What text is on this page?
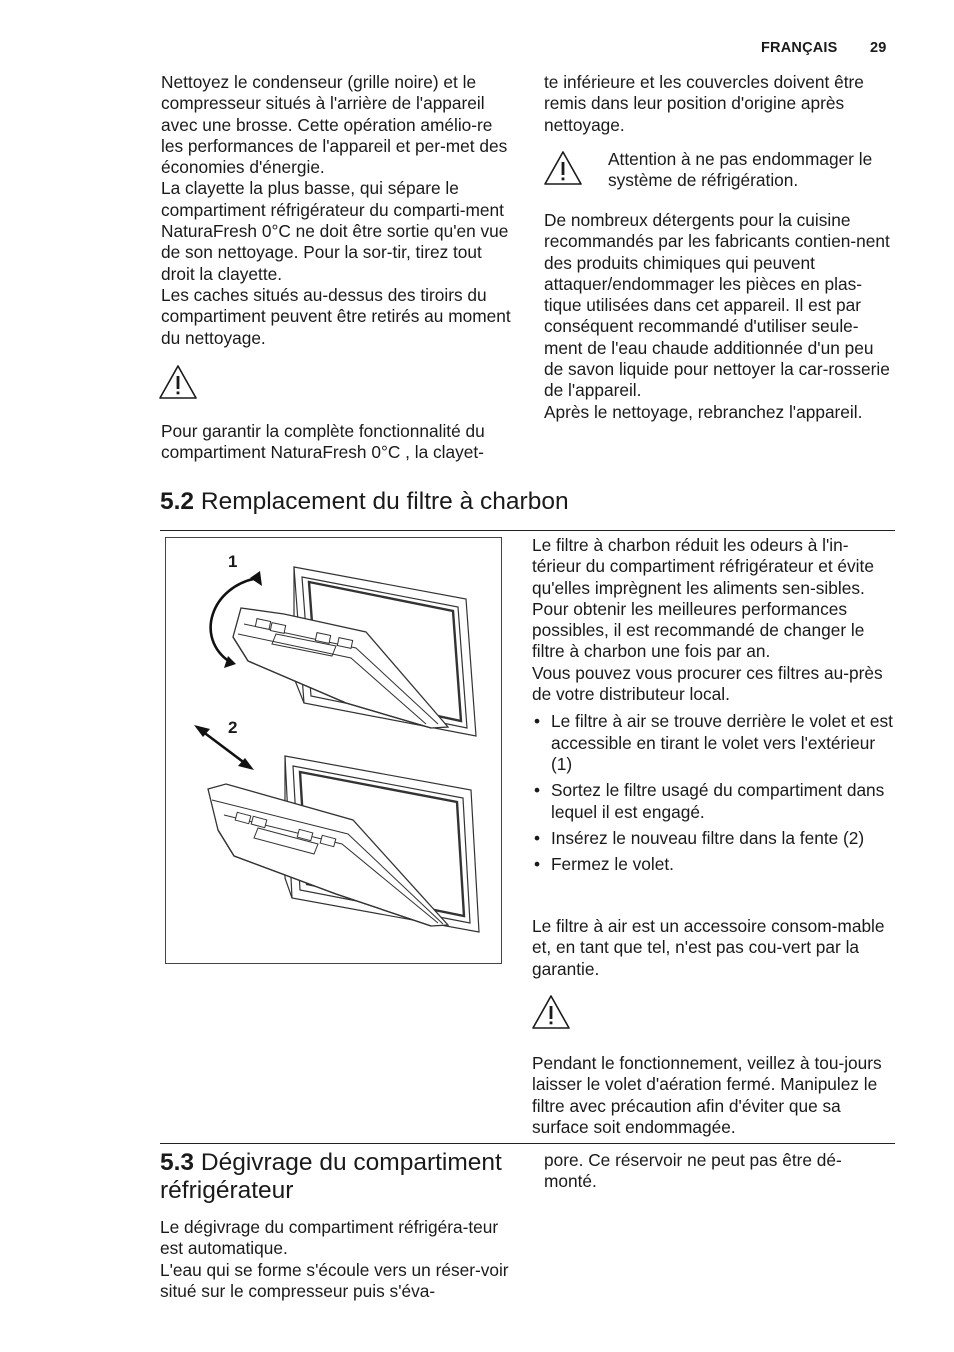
FRANÇAIS 29

Nettoyez le condenseur (grille noire) et le compresseur situés à l'arrière de l'appareil avec une brosse. Cette opération amélio-re les performances de l'appareil et per-met des économies d'énergie.

La clayette la plus basse, qui sépare le compartiment réfrigérateur du comparti-ment NaturaFresh 0°C ne doit être sortie qu'en vue de son nettoyage. Pour la sor-tir, tirez tout droit la clayette.

Les caches situés au-dessus des tiroirs du compartiment peuvent être retirés au moment du nettoyage.

Pour garantir la complète fonctionnalité du compartiment NaturaFresh 0°C , la clayet-

te inférieure et les couvercles doivent être remis dans leur position d'origine après nettoyage.

Attention à ne pas endommager le système de réfrigération.

De nombreux détergents pour la cuisine recommandés par les fabricants contien-nent des produits chimiques qui peuvent attaquer/endommager les pièces en plas-tique utilisées dans cet appareil. Il est par conséquent recommandé d'utiliser seule-ment de l'eau chaude additionnée d'un peu de savon liquide pour nettoyer la car-rosserie de l'appareil.

Après le nettoyage, rebranchez l'appareil.

5.2 Remplacement du filtre à charbon
1
2

Le filtre à charbon réduit les odeurs à l'in-térieur du compartiment réfrigérateur et évite qu'elles imprègnent les aliments sen-sibles.

Pour obtenir les meilleures performances possibles, il est recommandé de changer le filtre à charbon une fois par an.

Vous pouvez vous procurer ces filtres au-près de votre distributeur local.

• Le filtre à air se trouve derrière le volet et est accessible en tirant le volet vers l'extérieur (1)
• Sortez le filtre usagé du compartiment dans lequel il est engagé.
• Insérez le nouveau filtre dans la fente (2)
• Fermez le volet.

Le filtre à air est un accessoire consom-mable et, en tant que tel, n'est pas cou-vert par la garantie.

Pendant le fonctionnement, veillez à tou-jours laisser le volet d'aération fermé. Manipulez le filtre avec précaution afin d'éviter que sa surface soit endommagée.

5.3 Dégivrage du compartiment
réfrigérateur

Le dégivrage du compartiment réfrigéra-teur est automatique.

L'eau qui se forme s'écoule vers un réser-voir situé sur le compresseur puis s'éva-

pore. Ce réservoir ne peut pas être dé-monté.
